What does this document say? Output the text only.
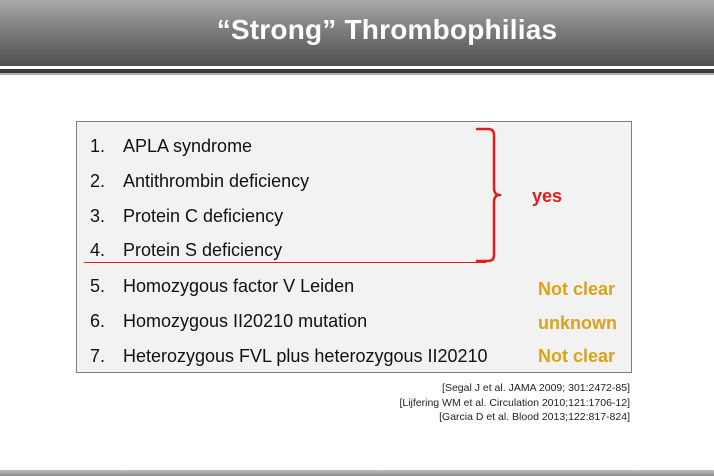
“Strong” Thrombophilias
1. APLA syndrome
2. Antithrombin deficiency
3. Protein C deficiency
4. Protein S deficiency
5. Homozygous factor V Leiden
6. Homozygous II20210 mutation
7. Heterozygous FVL plus heterozygous II20210
yes
Not clear
unknown
Not clear
[Segal J et al. JAMA 2009; 301:2472-85]
[Lijfering WM et al. Circulation 2010;121:1706-12]
[Garcia D et al. Blood 2013;122:817-824]
